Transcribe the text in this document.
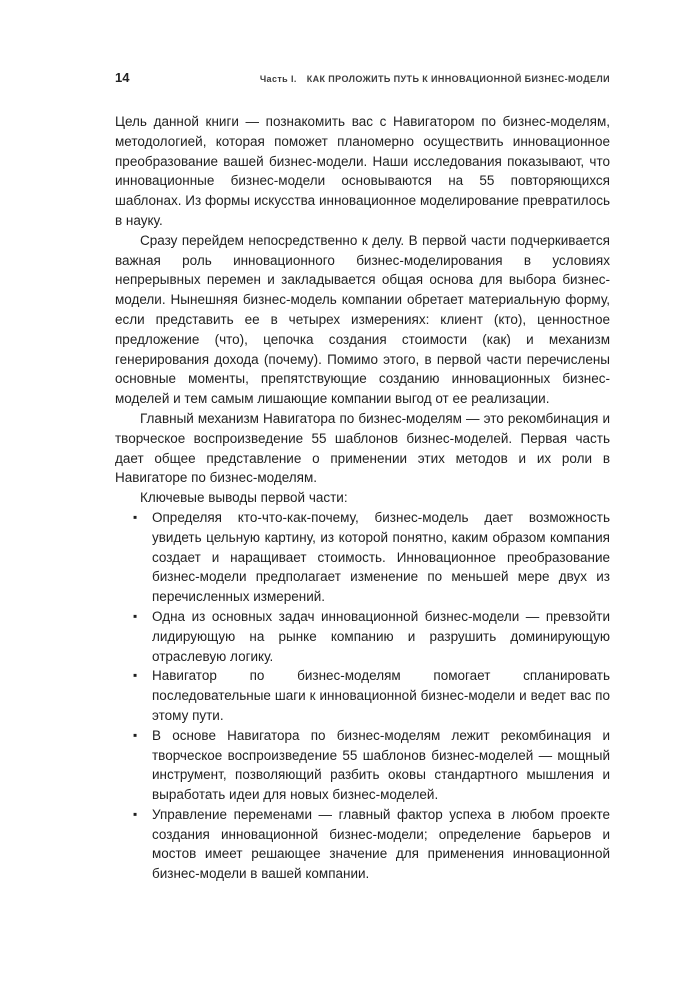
14	Часть I. КАК ПРОЛОЖИТЬ ПУТЬ К ИННОВАЦИОННОЙ БИЗНЕС-МОДЕЛИ

Цель данной книги — познакомить вас с Навигатором по бизнес-моделям, методологией, которая поможет планомерно осуществить инновационное преобразование вашей бизнес-модели. Наши исследования показывают, что инновационные бизнес-модели основываются на 55 повторяющихся шаблонах. Из формы искусства инновационное моделирование превратилось в науку.

Сразу перейдем непосредственно к делу. В первой части подчеркивается важная роль инновационного бизнес-моделирования в условиях непрерывных перемен и закладывается общая основа для выбора бизнес-модели. Нынешняя бизнес-модель компании обретает материальную форму, если представить ее в четырех измерениях: клиент (кто), ценностное предложение (что), цепочка создания стоимости (как) и механизм генерирования дохода (почему). Помимо этого, в первой части перечислены основные моменты, препятствующие созданию инновационных бизнес-моделей и тем самым лишающие компании выгод от ее реализации.

Главный механизм Навигатора по бизнес-моделям — это рекомбинация и творческое воспроизведение 55 шаблонов бизнес-моделей. Первая часть дает общее представление о применении этих методов и их роли в Навигаторе по бизнес-моделям.

Ключевые выводы первой части:

▪ Определяя кто-что-как-почему, бизнес-модель дает возможность увидеть цельную картину, из которой понятно, каким образом компания создает и наращивает стоимость. Инновационное преобразование бизнес-модели предполагает изменение по меньшей мере двух из перечисленных измерений.
▪ Одна из основных задач инновационной бизнес-модели — превзойти лидирующую на рынке компанию и разрушить доминирующую отраслевую логику.
▪ Навигатор по бизнес-моделям помогает спланировать последовательные шаги к инновационной бизнес-модели и ведет вас по этому пути.
▪ В основе Навигатора по бизнес-моделям лежит рекомбинация и творческое воспроизведение 55 шаблонов бизнес-моделей — мощный инструмент, позволяющий разбить оковы стандартного мышления и выработать идеи для новых бизнес-моделей.
▪ Управление переменами — главный фактор успеха в любом проекте создания инновационной бизнес-модели; определение барьеров и мостов имеет решающее значение для применения инновационной бизнес-модели в вашей компании.
